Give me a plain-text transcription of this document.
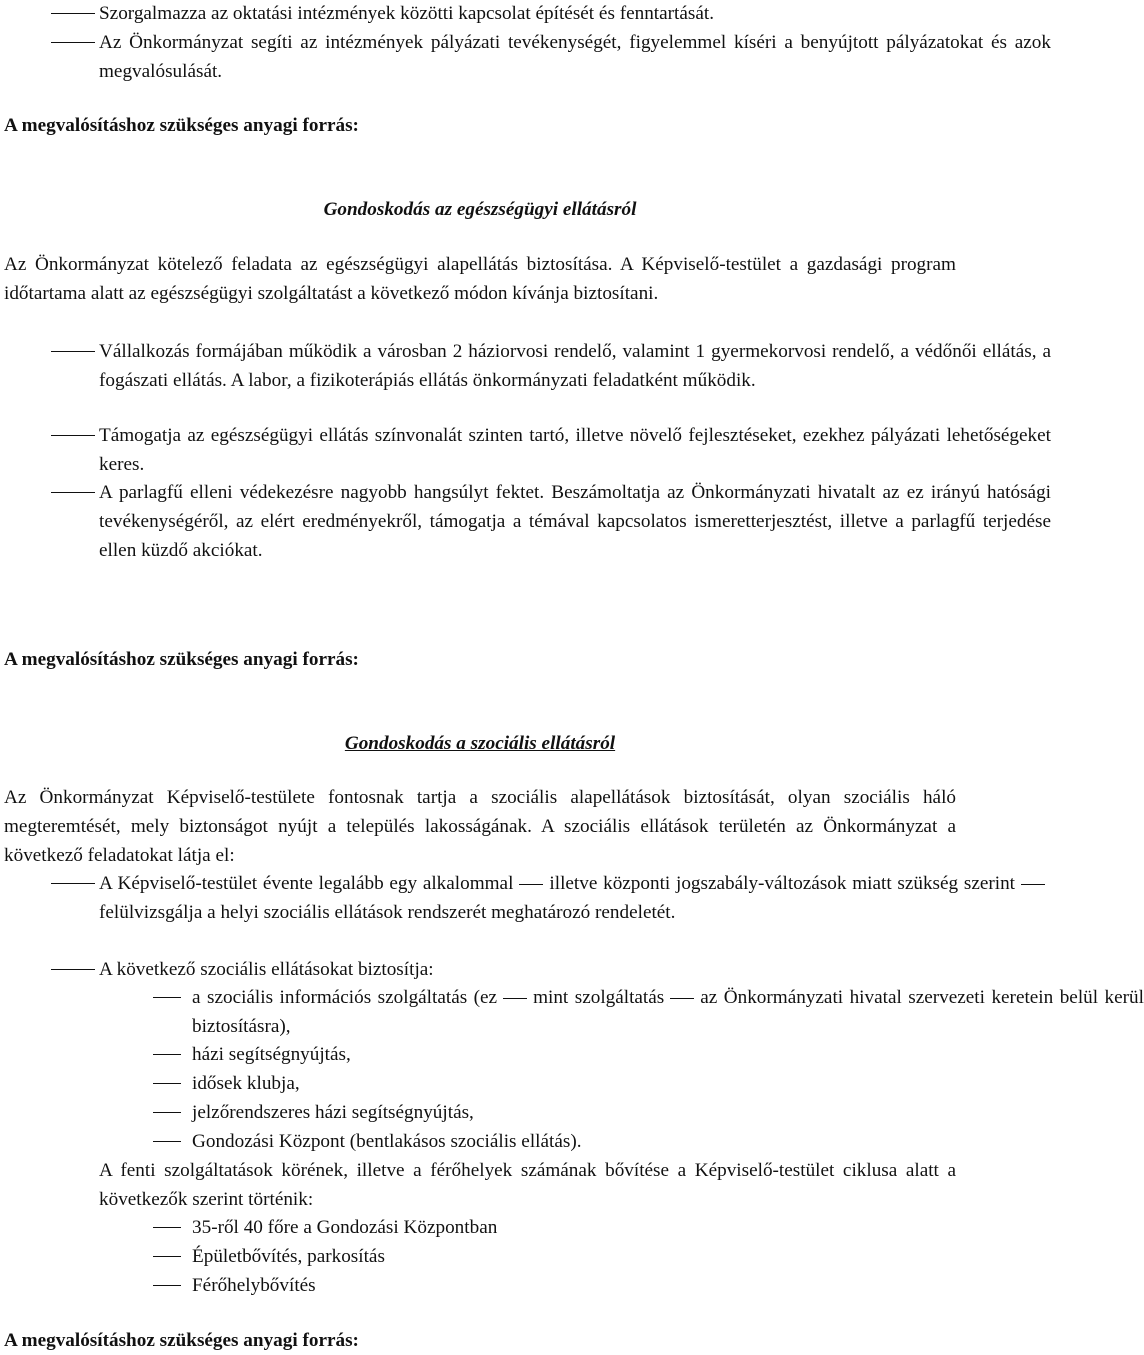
Szorgalmazza az oktatási intézmények közötti kapcsolat építését és fenntartását.
Az Önkormányzat segíti az intézmények pályázati tevékenységét, figyelemmel kíséri a benyújtott pályázatokat és azok megvalósulását.

A megvalósításhoz szükséges anyagi forrás:

Gondoskodás az egészségügyi ellátásról

Az Önkormányzat kötelező feladata az egészségügyi alapellátás biztosítása. A Képviselő-testület a gazdasági program időtartama alatt az egészségügyi szolgáltatást a következő módon kívánja biztosítani.

Vállalkozás formájában működik a városban 2 háziorvosi rendelő, valamint 1 gyermekorvosi rendelő, a védőnői ellátás, a fogászati ellátás. A labor, a fizikoterápiás ellátás önkormányzati feladatként működik.
Támogatja az egészségügyi ellátás színvonalát szinten tartó, illetve növelő fejlesztéseket, ezekhez pályázati lehetőségeket keres.
A parlagfű elleni védekezésre nagyobb hangsúlyt fektet. Beszámoltatja az Önkormányzati hivatalt az ez irányú hatósági tevékenységéről, az elért eredményekről, támogatja a témával kapcsolatos ismeretterjesztést, illetve a parlagfű terjedése ellen küzdő akciókat.

A megvalósításhoz szükséges anyagi forrás:

Gondoskodás a szociális ellátásról

Az Önkormányzat Képviselő-testülete fontosnak tartja a szociális alapellátások biztosítását, olyan szociális háló megteremtését, mely biztonságot nyújt a település lakosságának. A szociális ellátások területén az Önkormányzat a következő feladatokat látja el:

A Képviselő-testület évente legalább egy alkalommal illetve központi jogszabály-változások miatt szükség szerintfelülvizsgálja a helyi szociális ellátások rendszerét meghatározó rendeletét.
A következő szociális ellátásokat biztosítja:
a szociális információs szolgáltatás (ez mint szolgáltatás az Önkormányzati hivatal szervezeti keretein belül kerül biztosításra),
házi segítségnyújtás,
idősek klubja,
jelzőrendszeres házi segítségnyújtás,
Gondozási Központ (bentlakásos szociális ellátás).

A fenti szolgáltatások körének, illetve a férőhelyek számának bővítése a Képviselő-testület ciklusa alatt a következők szerint történik:

35-ről 40 főre a Gondozási Központban
Épületbővítés, parkosítás
Férőhelybővítés

A megvalósításhoz szükséges anyagi forrás:
